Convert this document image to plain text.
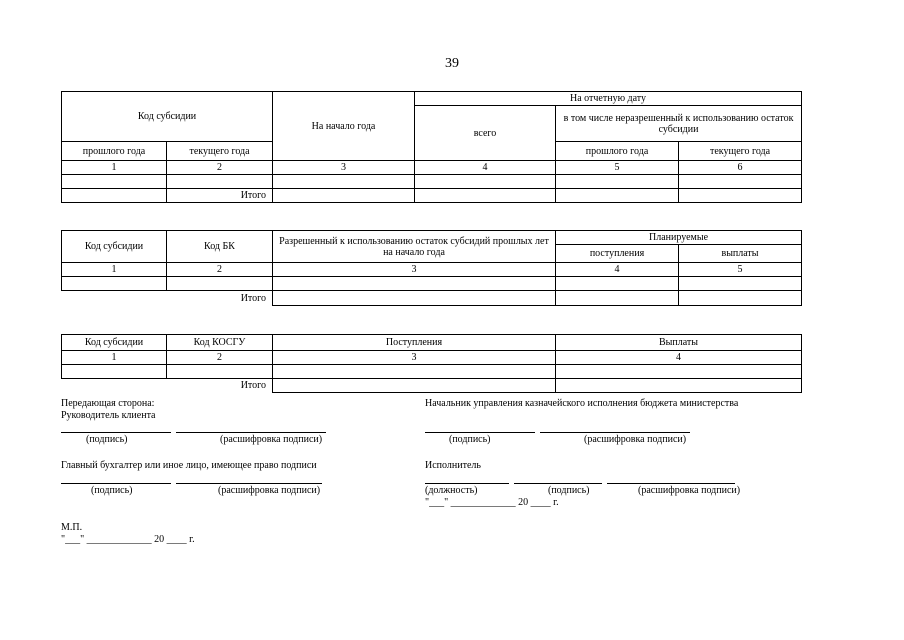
39
Код субсидии		На начало года	На отчетную дату		
			всего	в том числе неразрешенный к использованию остаток субсидии	

прошлого года	текущего года			прошлого года	текущего года
1	2	3	4	5	6

	Итого				
Код субсидии	Код БК	Разрешенный к использованию остаток субсидий прошлых лет на начало года	Планируемые	
			поступления	выплаты
1	2	3	4	5

	Итого			
Код субсидии	Код КОСГУ	Поступления	Выплаты
1	2	3	4

	Итого		
Передающая сторона:
Руководитель клиента
(подпись)	(расшифровка подписи)
Главный бухгалтер или иное лицо, имеющее право подписи
(подпись)	(расшифровка подписи)
М.П.
"___" _____________ 20 ____ г.
Начальник управления казначейского исполнения бюджета министерства
(подпись)	(расшифровка подписи)
Исполнитель
(должность)	(подпись)	(расшифровка подписи)
"___" _____________ 20 ____ г.
